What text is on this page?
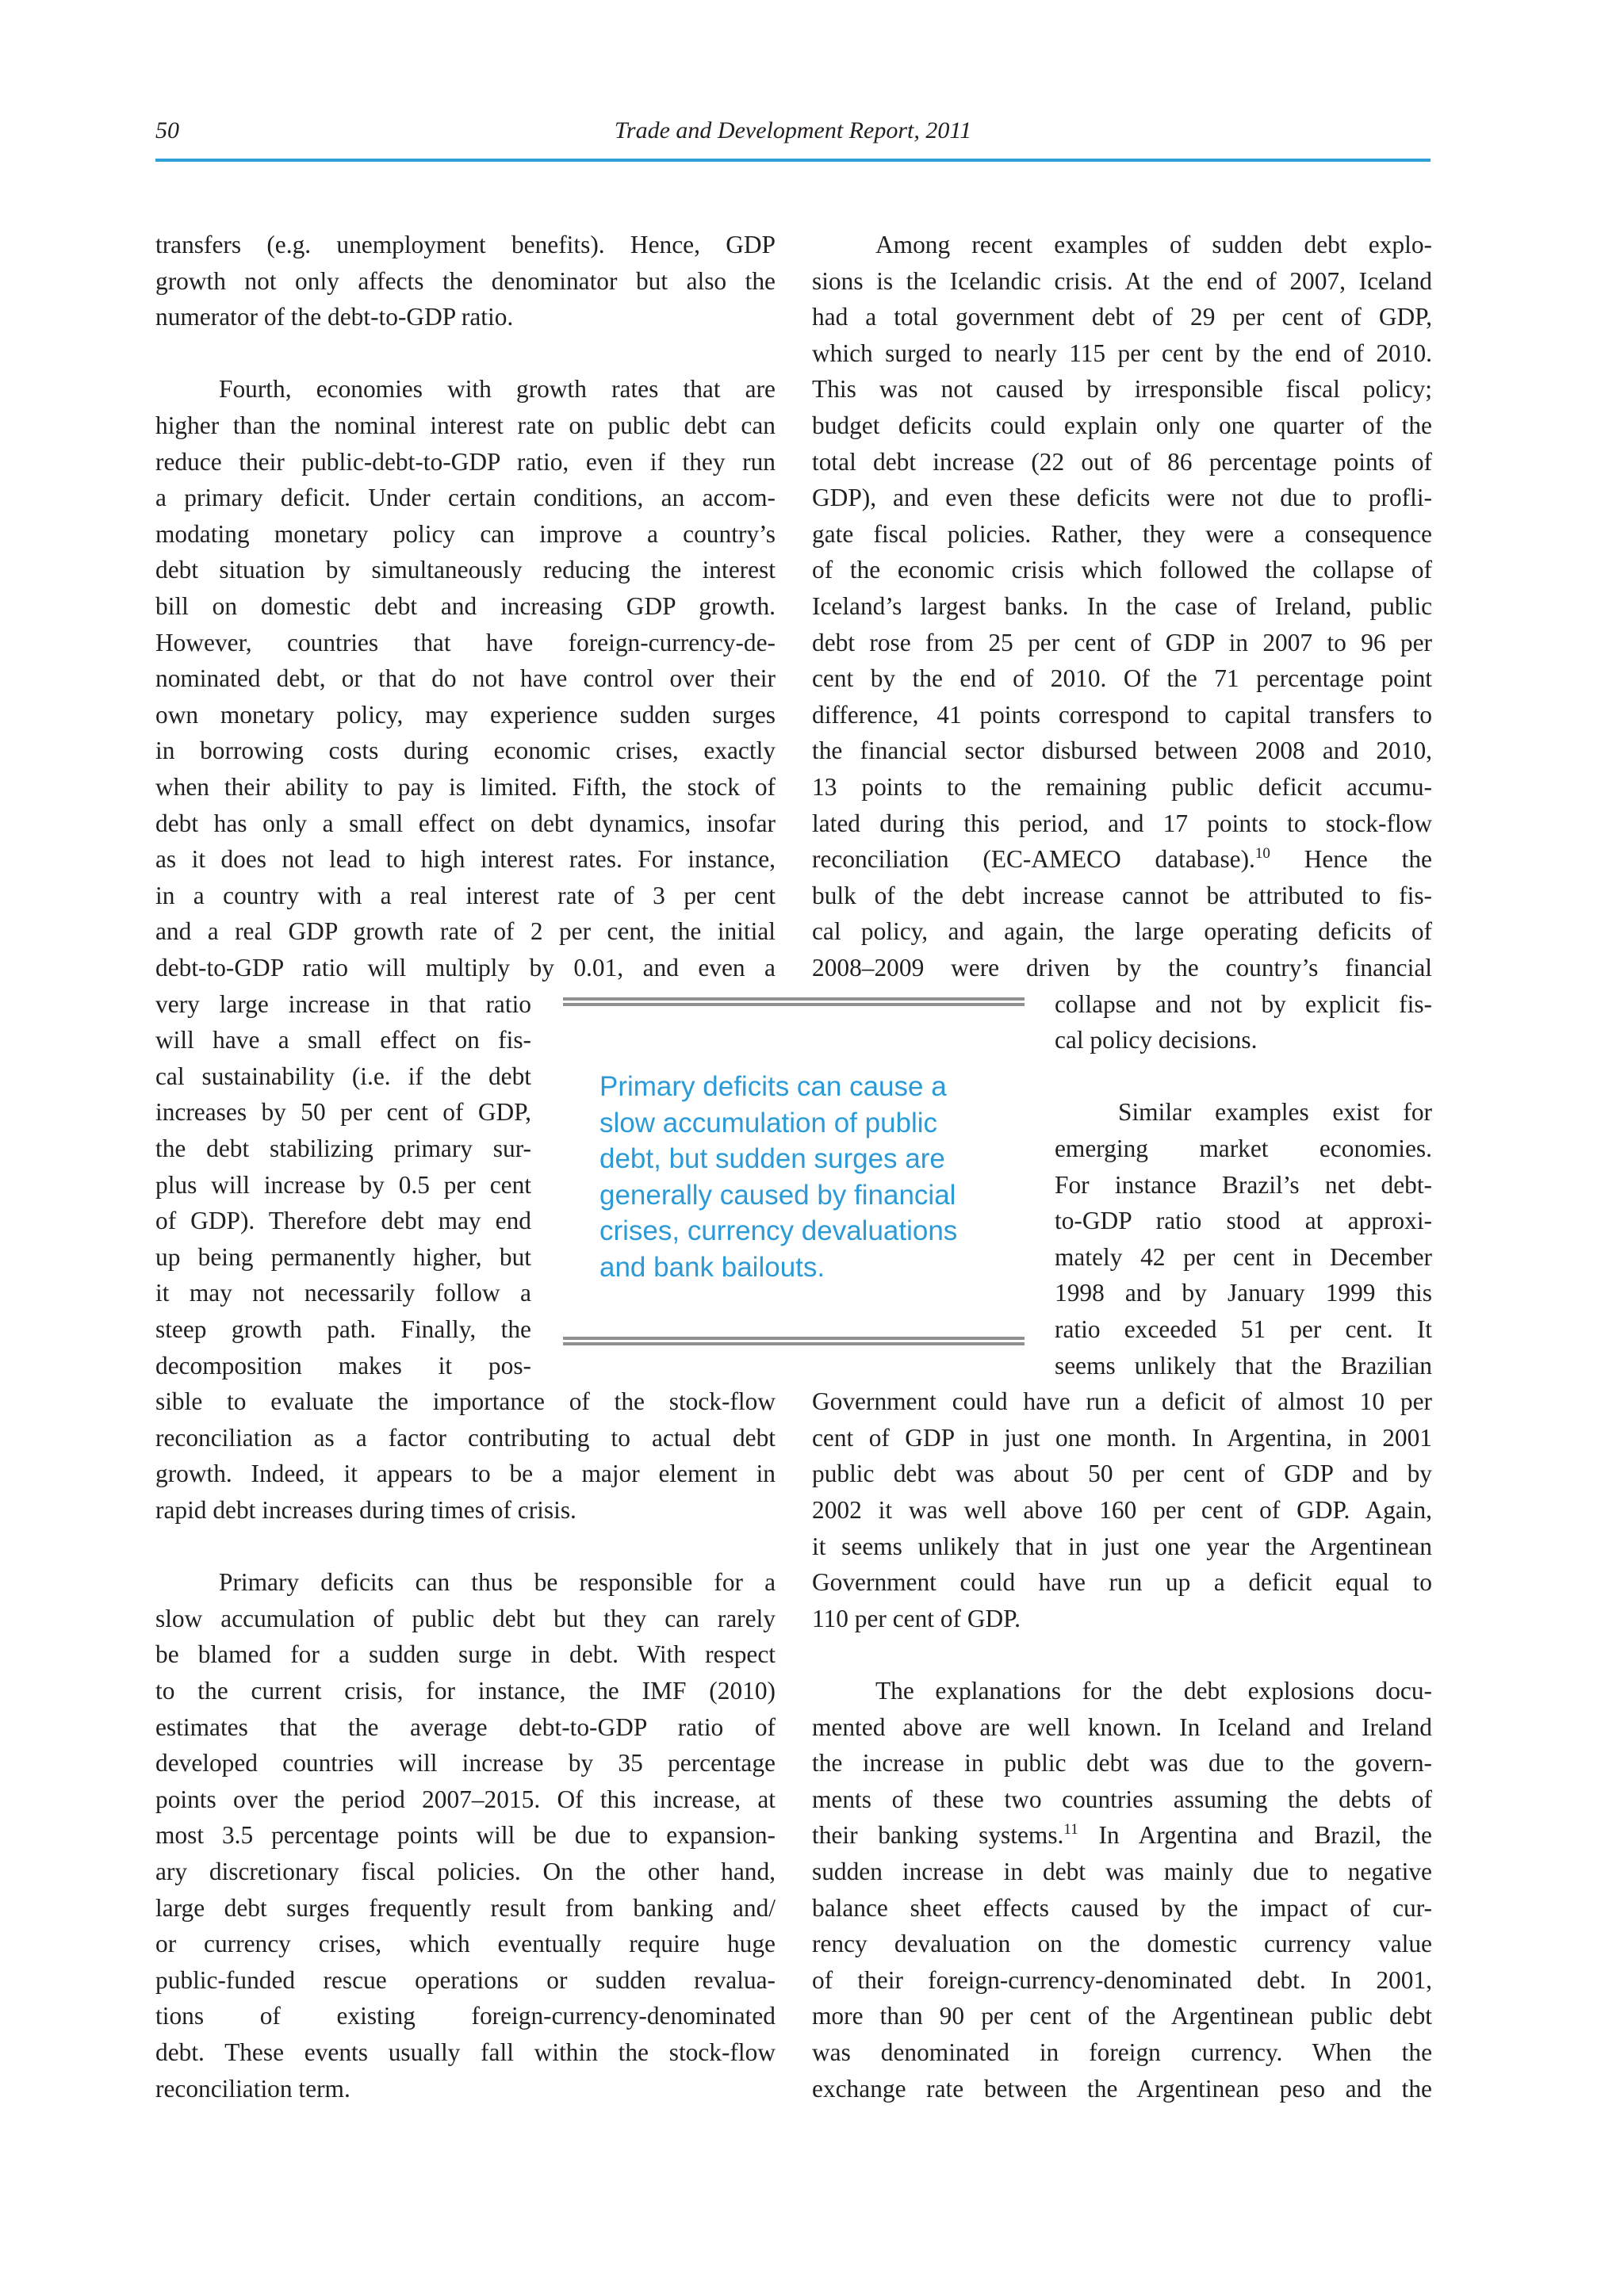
50	Trade and Development Report, 2011

transfers (e.g. unemployment benefits). Hence, GDP

growth not only affects the denominator but also the

numerator of the debt-to-GDP ratio.

Fourth, economies with growth rates that are

higher than the nominal interest rate on public debt can

reduce their public-debt-to-GDP ratio, even if they run

a primary deficit. Under certain conditions, an accom-

modating monetary policy can improve a country’s

debt situation by simultaneously reducing the interest

bill on domestic debt and increasing GDP growth.

However, countries that have foreign-currency-de-

nominated debt, or that do not have control over their

own monetary policy, may experience sudden surges

in borrowing costs during economic crises, exactly

when their ability to pay is limited. Fifth, the stock of

debt has only a small effect on debt dynamics, insofar

as it does not lead to high interest rates. For instance,

in a country with a real interest rate of 3 per cent

and a real GDP growth rate of 2 per cent, the initial

debt-to-GDP ratio will multiply by 0.01, and even a

very large increase in that ratio

will have a small effect on fis-

cal sustainability (i.e. if the debt

increases by 50 per cent of GDP,

the debt stabilizing primary sur-

plus will increase by 0.5 per cent

of GDP). Therefore debt may end

up being permanently higher, but

it may not necessarily follow a

steep growth path. Finally, the

decomposition makes it pos-

sible to evaluate the importance of the stock-flow

reconciliation as a factor contributing to actual debt

growth. Indeed, it appears to be a major element in

rapid debt increases during times of crisis.

Primary deficits can thus be responsible for a

slow accumulation of public debt but they can rarely

be blamed for a sudden surge in debt. With respect

to the current crisis, for instance, the IMF (2010)

estimates that the average debt-to-GDP ratio of

developed countries will increase by 35 percentage

points over the period 2007–2015. Of this increase, at

most 3.5 percentage points will be due to expansion-

ary discretionary fiscal policies. On the other hand,

large debt surges frequently result from banking and/

or currency crises, which eventually require huge

public-funded rescue operations or sudden revalua-

tions of existing foreign-currency-denominated

debt. These events usually fall within the stock-flow

reconciliation term.

Primary deficits can cause a

slow accumulation of public

debt, but sudden surges are

generally caused by financial

crises, currency devaluations

and bank bailouts.

Among recent examples of sudden debt explo-

sions is the Icelandic crisis. At the end of 2007, Iceland

had a total government debt of 29 per cent of GDP,

which surged to nearly 115 per cent by the end of 2010.

This was not caused by irresponsible fiscal policy;

budget deficits could explain only one quarter of the

total debt increase (22 out of 86 percentage points of

GDP), and even these deficits were not due to profli-

gate fiscal policies. Rather, they were a consequence

of the economic crisis which followed the collapse of

Iceland’s largest banks. In the case of Ireland, public

debt rose from 25 per cent of GDP in 2007 to 96 per

cent by the end of 2010. Of the 71 percentage point

difference, 41 points correspond to capital transfers to

the financial sector disbursed between 2008 and 2010,

13 points to the remaining public deficit accumu-

lated during this period, and 17 points to stock-flow

reconciliation (EC-AMECO database).$^{10}$ Hence the

bulk of the debt increase cannot be attributed to fis-

cal policy, and again, the large operating deficits of

2008–2009 were driven by the country’s financial

collapse and not by explicit fis-

cal policy decisions.

Similar examples exist for

emerging market economies.

For instance Brazil’s net debt-

to-GDP ratio stood at approxi-

mately 42 per cent in December

1998 and by January 1999 this

ratio exceeded 51 per cent. It

seems unlikely that the Brazilian

Government could have run a deficit of almost 10 per

cent of GDP in just one month. In Argentina, in 2001

public debt was about 50 per cent of GDP and by

2002 it was well above 160 per cent of GDP. Again,

it seems unlikely that in just one year the Argentinean

Government could have run up a deficit equal to

110 per cent of GDP.

The explanations for the debt explosions docu-

mented above are well known. In Iceland and Ireland

the increase in public debt was due to the govern-

ments of these two countries assuming the debts of

their banking systems.$^{11}$ In Argentina and Brazil, the

sudden increase in debt was mainly due to negative

balance sheet effects caused by the impact of cur-

rency devaluation on the domestic currency value

of their foreign-currency-denominated debt. In 2001,

more than 90 per cent of the Argentinean public debt

was denominated in foreign currency. When the

exchange rate between the Argentinean peso and the
